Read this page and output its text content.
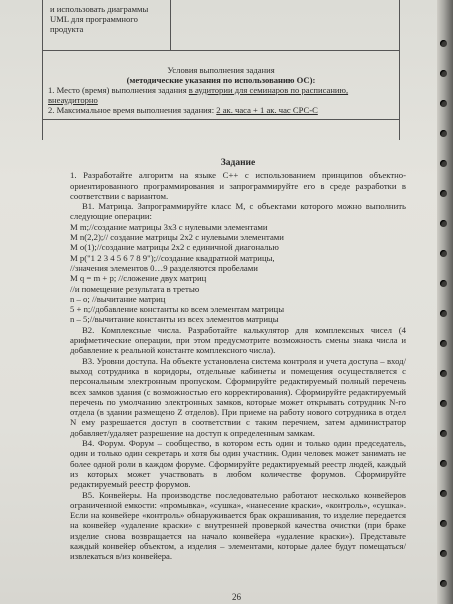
и использовать диаграммы UML для программного продукта
Условия выполнения задания
(методические указания по использованию ОС):
1. Место (время) выполнения задания в аудитории для семинаров по расписанию,
внеаудиторно
2. Максимальное время выполнения задания: 2 ак. часа + 1 ак. час СРС-С
Задание

1. Разработайте алгоритм на языке C++ с использованием принципов объектно-ориентированного программирования и запрограммируйте его в среде разработки в соответствии с вариантом.

В1. Матрица. Запрограммируйте класс М, с объектами которого можно выполнить следующие операции:

M m;//создание матрицы 3x3 с нулевыми элементами

M n(2,2);// создание матрицы 2x2 с нулевыми элементами

M o(1);//создание матрицы 2x2 с единичной диагональю

M p("1 2 3 4 5 6 7 8 9");//создание квадратной матрицы,

//значения элементов 0…9 разделяются пробелами

M q = m + p; //сложение двух матриц

//и помещение результата в третью

n – o; //вычитание матриц

5 + n;//добавление константы ко всем элементам матрицы

n – 5;//вычитание константы из всех элементов матрицы

В2. Комплексные числа. Разработайте калькулятор для комплексных чисел (4 арифметические операции, при этом предусмотрите возможность смены знака числа и добавление к реальной константе комплексного числа).

В3. Уровни доступа. На объекте установлена система контроля и учета доступа – вход/выход сотрудника в коридоры, отдельные кабинеты и помещения осуществляется с персональным электронным пропуском. Сформируйте редактируемый полный перечень всех замков здания (с возможностью его корректирования). Сформируйте редактируемый перечень по умолчанию электронных замков, которые может открывать сотрудник N-го отдела (в здании размещено Z отделов). При приеме на работу нового сотрудника в отдел N ему разрешается доступ в соответствии с таким перечнем, затем администратор добавляет/удаляет разрешение на доступ к определенным замкам.

В4. Форум. Форум – сообщество, в котором есть один и только один председатель, один и только один секретарь и хотя бы один участник. Один человек может занимать не более одной роли в каждом форуме. Сформируйте редактируемый реестр людей, каждый из которых может участвовать в любом количестве форумов. Сформируйте редактируемый реестр форумов.

В5. Конвейеры. На производстве последовательно работают несколько конвейеров ограниченной емкости: «промывка», «сушка», «нанесение краски», «контроль», «сушка». Если на конвейере «контроль» обнаруживается брак окрашивания, то изделие передается на конвейер «удаление краски» с внутренней проверкой качества очистки (при браке изделие снова возвращается на начало конвейера «удаление краски»). Представьте каждый конвейер объектом, а изделия – элементами, которые далее будут помещаться/извлекаться в/из конвейера.

26
